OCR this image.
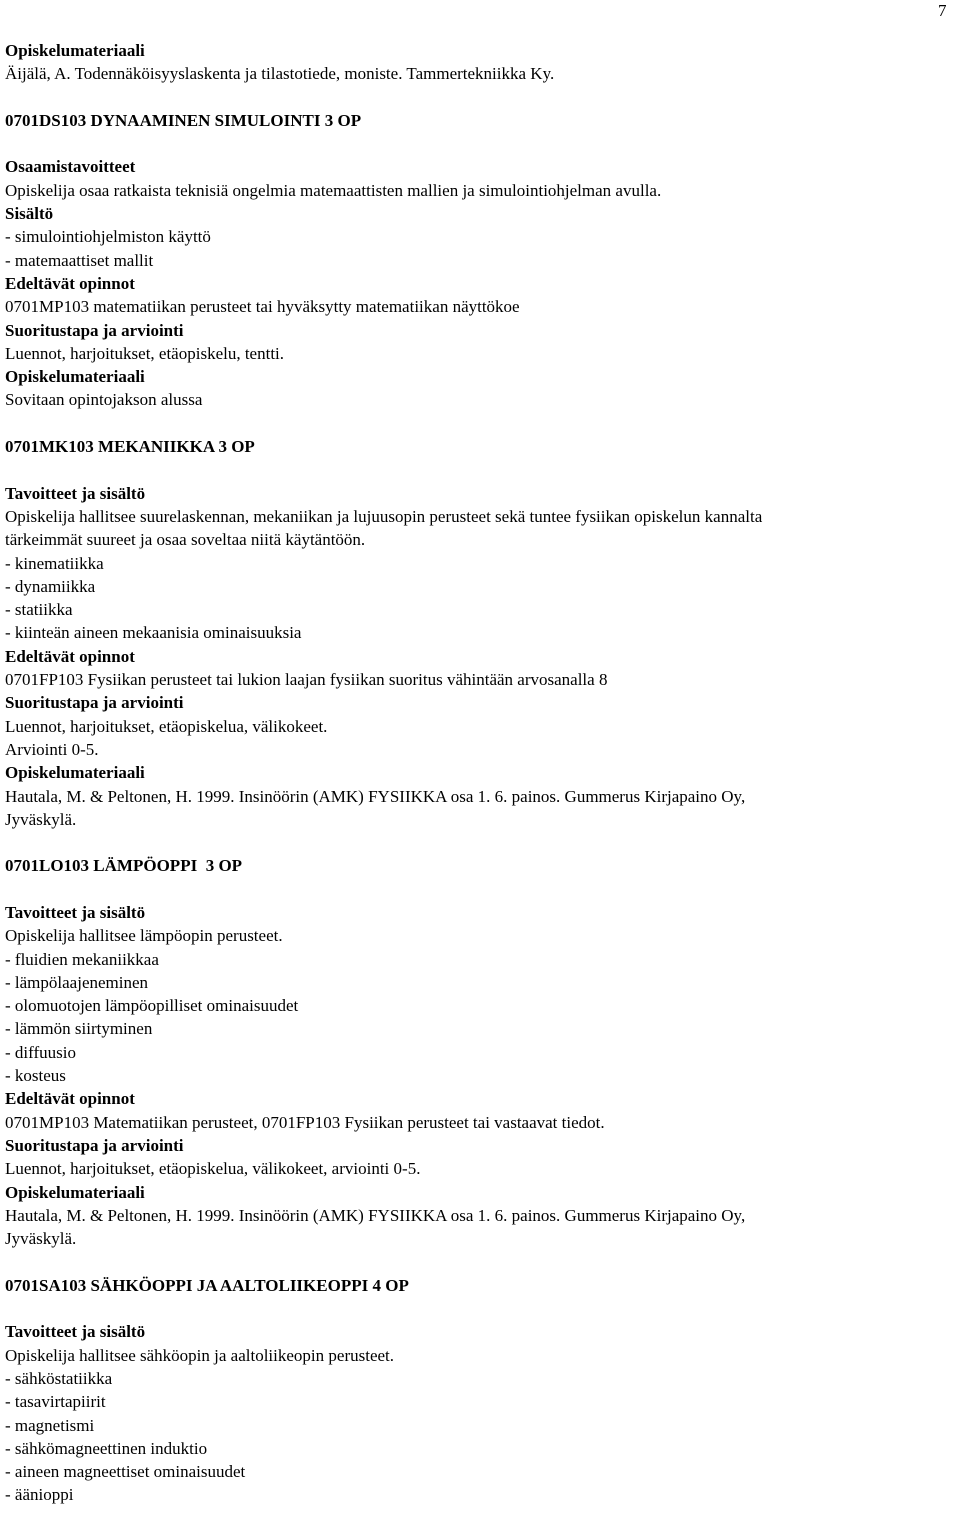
7
Opiskelumateriaali
Äijälä, A. Todennäköisyyslaskenta ja tilastotiede, moniste. Tammertekniikka Ky.
0701DS103 DYNAAMINEN SIMULOINTI 3 OP
Osaamistavoitteet
Opiskelija osaa ratkaista teknisiä ongelmia matemaattisten mallien ja simulointiohjelman avulla.
Sisältö
- simulointiohjelmiston käyttö
- matemaattiset mallit
Edeltävät opinnot
0701MP103 matematiikan perusteet tai hyväksytty matematiikan näyttökoe
Suoritustapa ja arviointi
Luennot, harjoitukset, etäopiskelu, tentti.
Opiskelumateriaali
Sovitaan opintojakson alussa
0701MK103 MEKANIIKKA 3 OP
Tavoitteet ja sisältö
Opiskelija hallitsee suurelaskennan, mekaniikan ja lujuusopin perusteet sekä tuntee fysiikan opiskelun kannalta
tärkeimmät suureet ja osaa soveltaa niitä käytäntöön.
- kinematiikka
- dynamiikka
- statiikka
- kiinteän aineen mekaanisia ominaisuuksia
Edeltävät opinnot
0701FP103 Fysiikan perusteet tai lukion laajan fysiikan suoritus vähintään arvosanalla 8
Suoritustapa ja arviointi
Luennot, harjoitukset, etäopiskelua, välikokeet.
Arviointi 0-5.
Opiskelumateriaali
Hautala, M. & Peltonen, H. 1999. Insinöörin (AMK) FYSIIKKA osa 1. 6. painos. Gummerus Kirjapaino Oy,
Jyväskylä.
0701LO103 LÄMPÖOPPI  3 OP
Tavoitteet ja sisältö
Opiskelija hallitsee lämpöopin perusteet.
- fluidien mekaniikkaa
- lämpölaajeneminen
- olomuotojen lämpöopilliset ominaisuudet
- lämmön siirtyminen
- diffuusio
- kosteus
Edeltävät opinnot
0701MP103 Matematiikan perusteet, 0701FP103 Fysiikan perusteet tai vastaavat tiedot.
Suoritustapa ja arviointi
Luennot, harjoitukset, etäopiskelua, välikokeet, arviointi 0-5.
Opiskelumateriaali
Hautala, M. & Peltonen, H. 1999. Insinöörin (AMK) FYSIIKKA osa 1. 6. painos. Gummerus Kirjapaino Oy,
Jyväskylä.
0701SA103 SÄHKÖOPPI JA AALTOLIIKEOPPI 4 OP
Tavoitteet ja sisältö
Opiskelija hallitsee sähköopin ja aaltoliikeopin perusteet.
- sähköstatiikka
- tasavirtapiirit
- magnetismi
- sähkömagneettinen induktio
- aineen magneettiset ominaisuudet
- äänioppi
